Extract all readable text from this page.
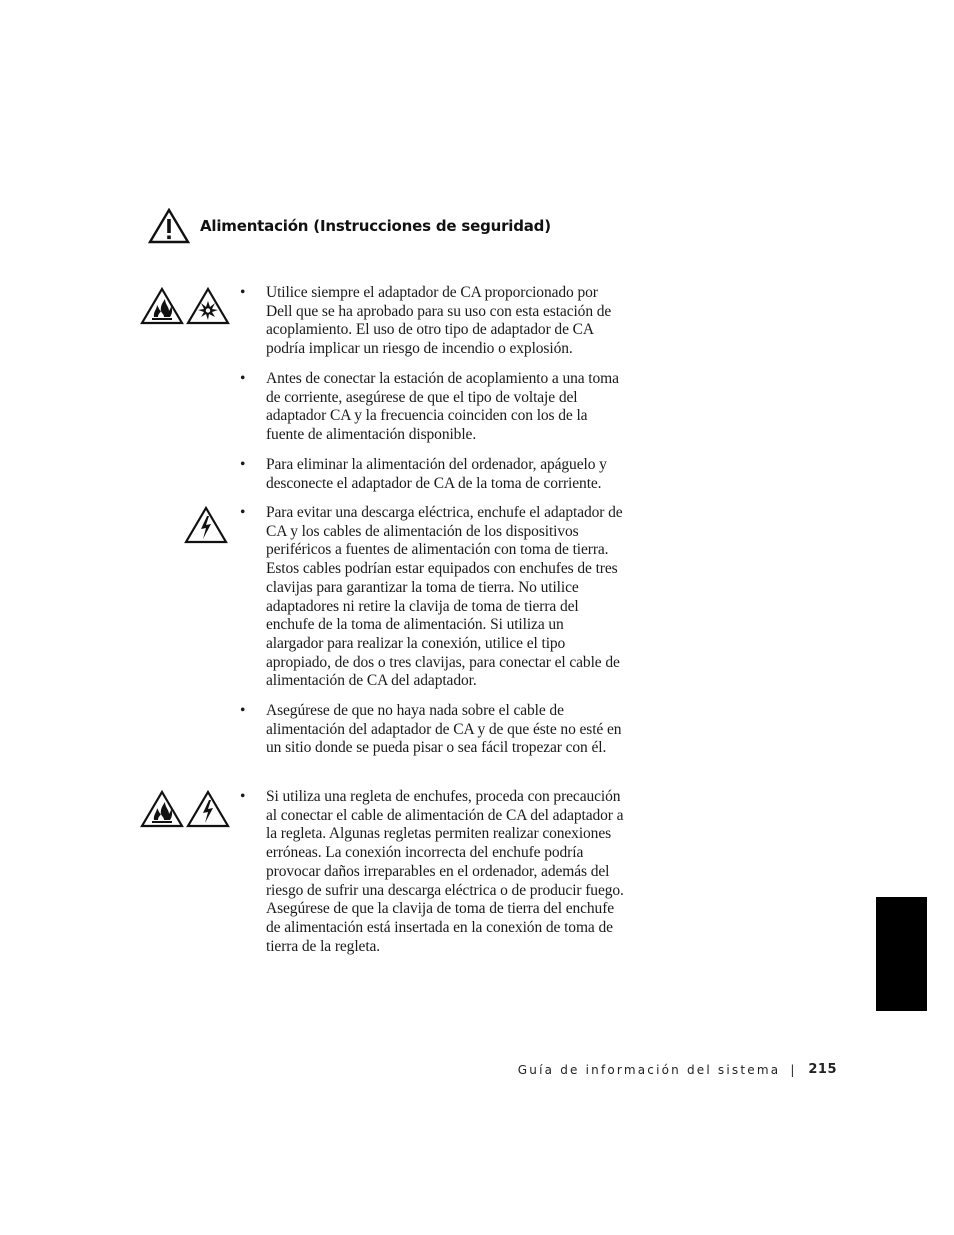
Alimentación (Instrucciones de seguridad)
• Utilice siempre el adaptador de CA proporcionado por Dell que se ha aprobado para su uso con esta estación de acoplamiento. El uso de otro tipo de adaptador de CA podría implicar un riesgo de incendio o explosión.
• Antes de conectar la estación de acoplamiento a una toma de corriente, asegúrese de que el tipo de voltaje del adaptador CA y la frecuencia coinciden con los de la fuente de alimentación disponible.
• Para eliminar la alimentación del ordenador, apáguelo y desconecte el adaptador de CA de la toma de corriente.
• Para evitar una descarga eléctrica, enchufe el adaptador de CA y los cables de alimentación de los dispositivos periféricos a fuentes de alimentación con toma de tierra. Estos cables podrían estar equipados con enchufes de tres clavijas para garantizar la toma de tierra. No utilice adaptadores ni retire la clavija de toma de tierra del enchufe de la toma de alimentación. Si utiliza un alargador para realizar la conexión, utilice el tipo apropiado, de dos o tres clavijas, para conectar el cable de alimentación de CA del adaptador.
• Asegúrese de que no haya nada sobre el cable de alimentación del adaptador de CA y de que éste no esté en un sitio donde se pueda pisar o sea fácil tropezar con él.
• Si utiliza una regleta de enchufes, proceda con precaución al conectar el cable de alimentación de CA del adaptador a la regleta. Algunas regletas permiten realizar conexiones erróneas. La conexión incorrecta del enchufe podría provocar daños irreparables en el ordenador, además del riesgo de sufrir una descarga eléctrica o de producir fuego. Asegúrese de que la clavija de toma de tierra del enchufe de alimentación está insertada en la conexión de toma de tierra de la regleta.
Guía de información del sistema | 215
